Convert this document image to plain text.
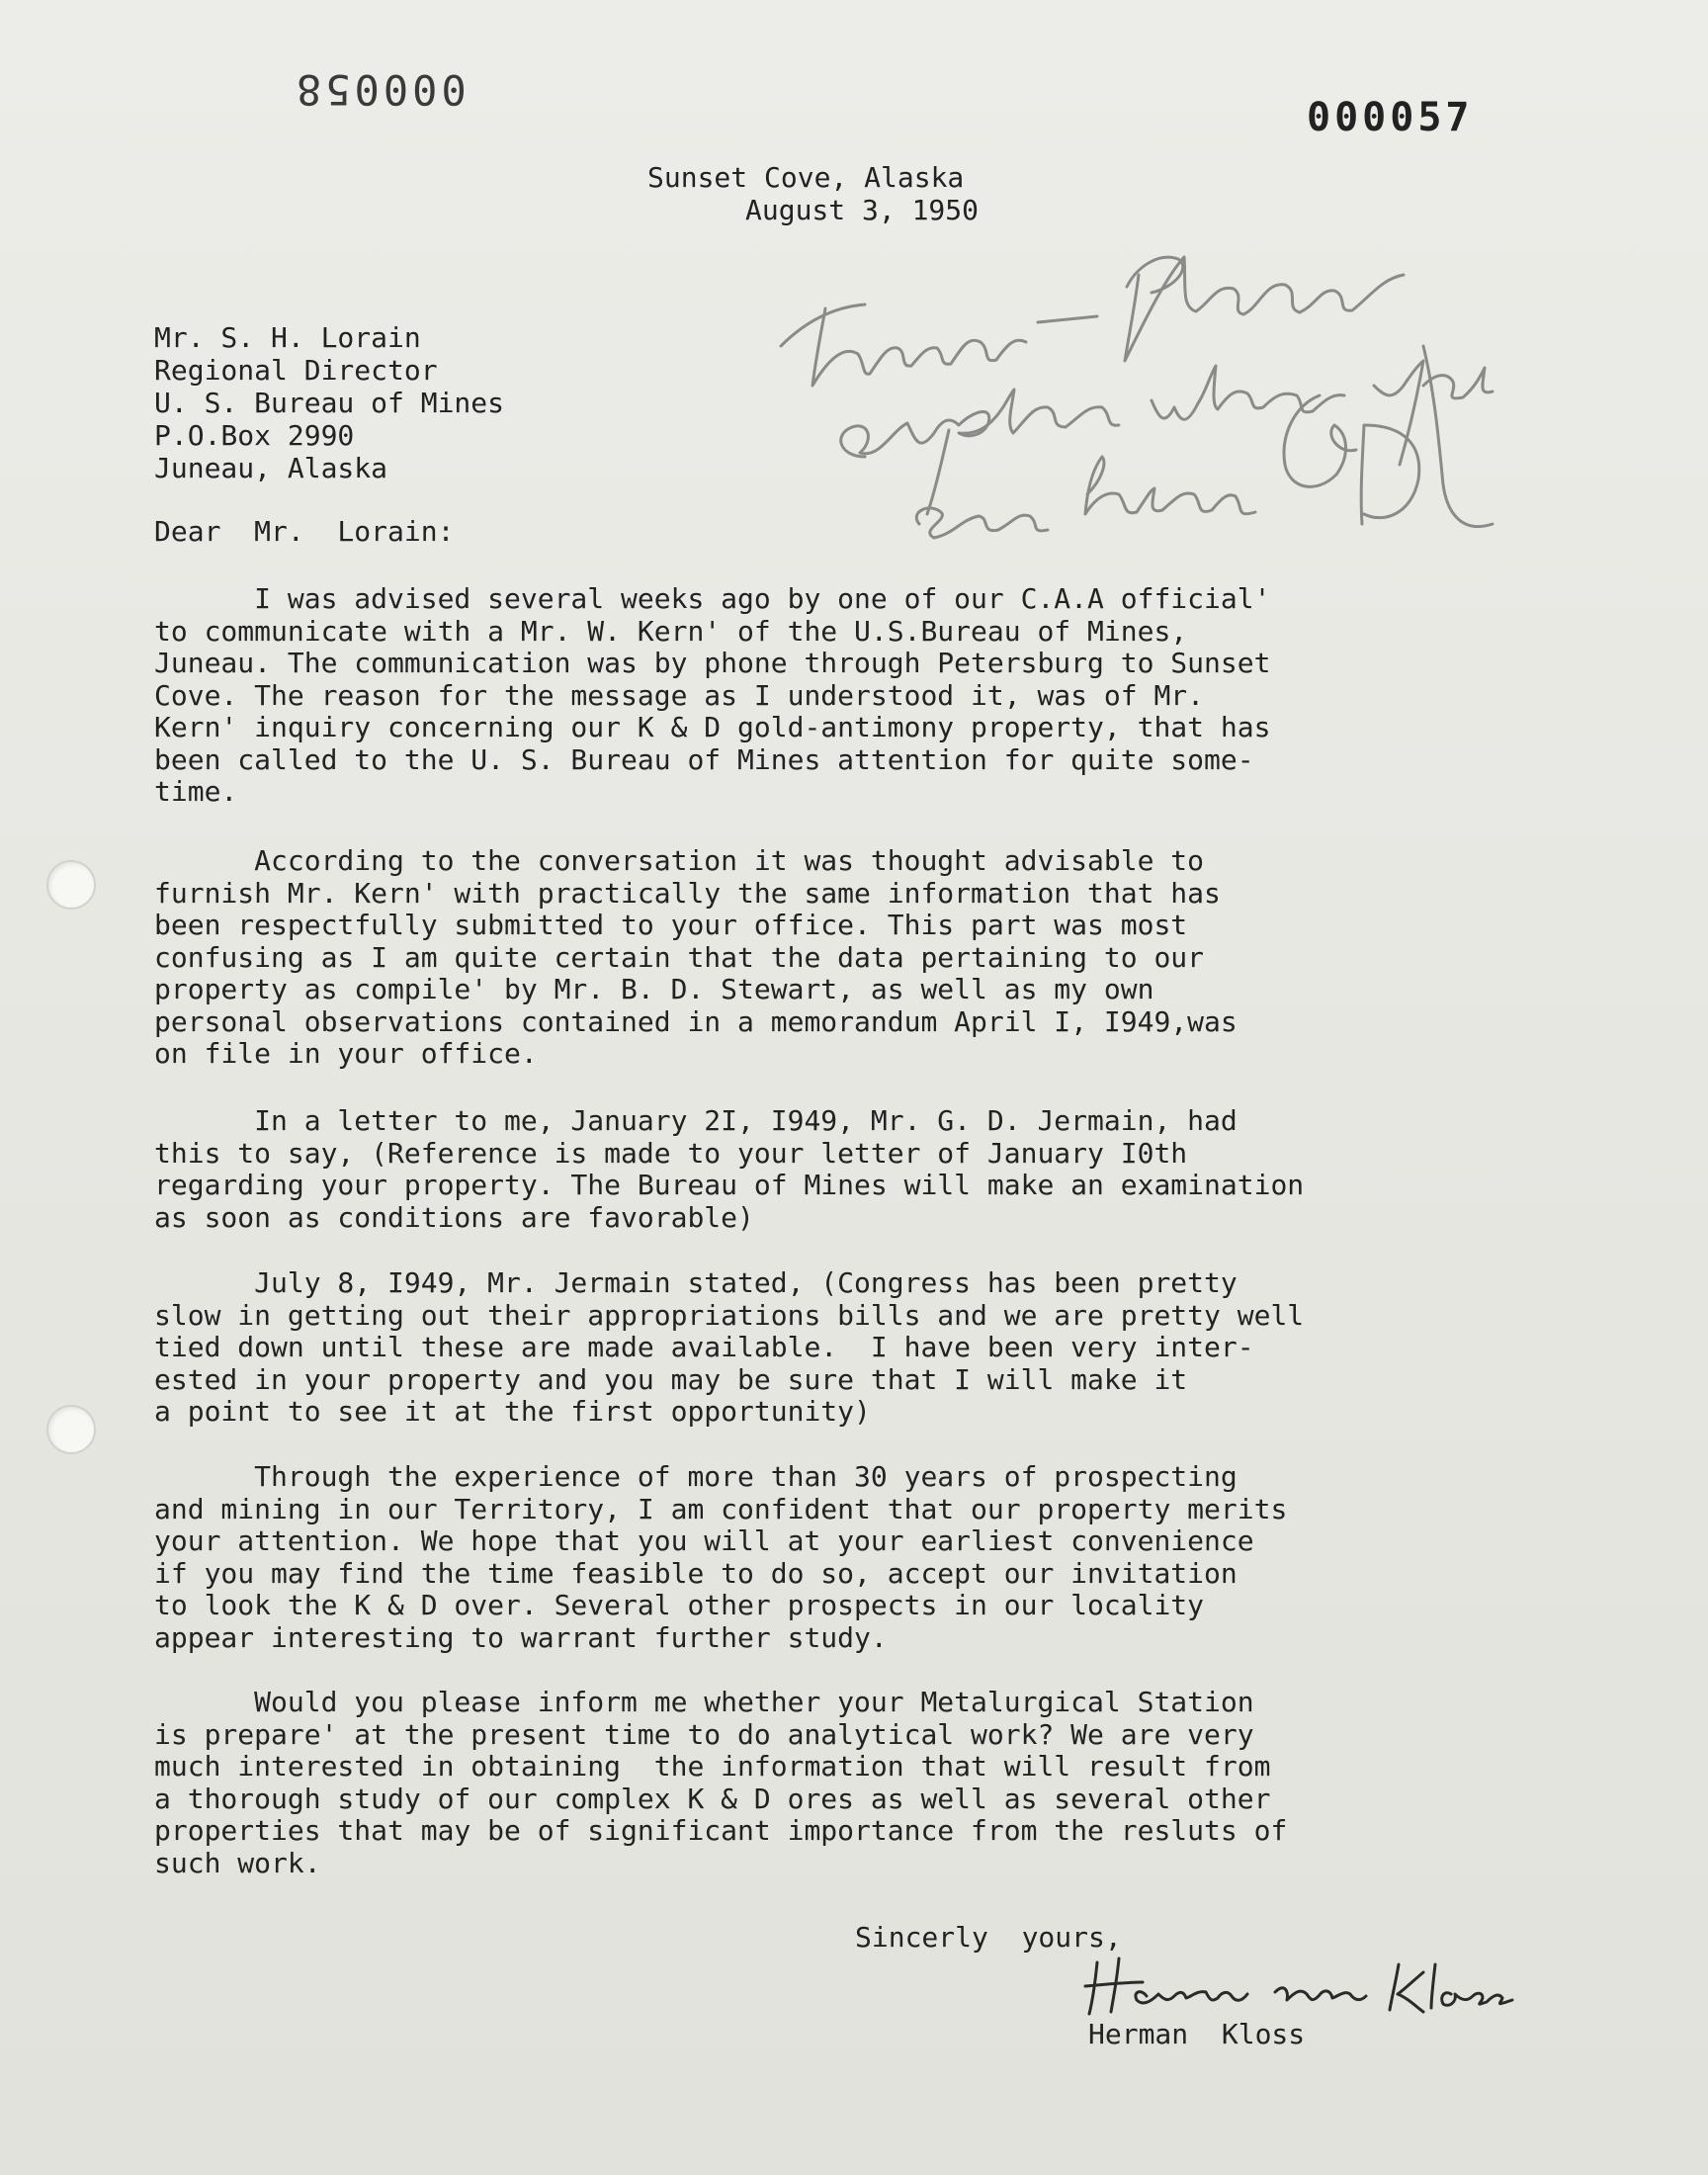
000058
000057
Sunset Cove, Alaska
August 3, 1950
Mr. S. H. Lorain
Regional Director
U. S. Bureau of Mines
P.O.Box 2990
Juneau, Alaska
Dear  Mr.  Lorain:
I was advised several weeks ago by one of our C.A.A official'
to communicate with a Mr. W. Kern' of the U.S.Bureau of Mines,
Juneau. The communication was by phone through Petersburg to Sunset
Cove. The reason for the message as I understood it, was of Mr.
Kern' inquiry concerning our K & D gold-antimony property, that has
been called to the U. S. Bureau of Mines attention for quite some-
time.
According to the conversation it was thought advisable to
furnish Mr. Kern' with practically the same information that has
been respectfully submitted to your office. This part was most
confusing as I am quite certain that the data pertaining to our
property as compile' by Mr. B. D. Stewart, as well as my own
personal observations contained in a memorandum April I, I949,was
on file in your office.
In a letter to me, January 2I, I949, Mr. G. D. Jermain, had
this to say, (Reference is made to your letter of January I0th
regarding your property. The Bureau of Mines will make an examination
as soon as conditions are favorable)
July 8, I949, Mr. Jermain stated, (Congress has been pretty
slow in getting out their appropriations bills and we are pretty well
tied down until these are made available.  I have been very inter-
ested in your property and you may be sure that I will make it
a point to see it at the first opportunity)
Through the experience of more than 30 years of prospecting
and mining in our Territory, I am confident that our property merits
your attention. We hope that you will at your earliest convenience
if you may find the time feasible to do so, accept our invitation
to look the K & D over. Several other prospects in our locality
appear interesting to warrant further study.
Would you please inform me whether your Metalurgical Station
is prepare' at the present time to do analytical work? We are very
much interested in obtaining  the information that will result from
a thorough study of our complex K & D ores as well as several other
properties that may be of significant importance from the resluts of
such work.
Sincerly  yours,
Herman  Kloss
